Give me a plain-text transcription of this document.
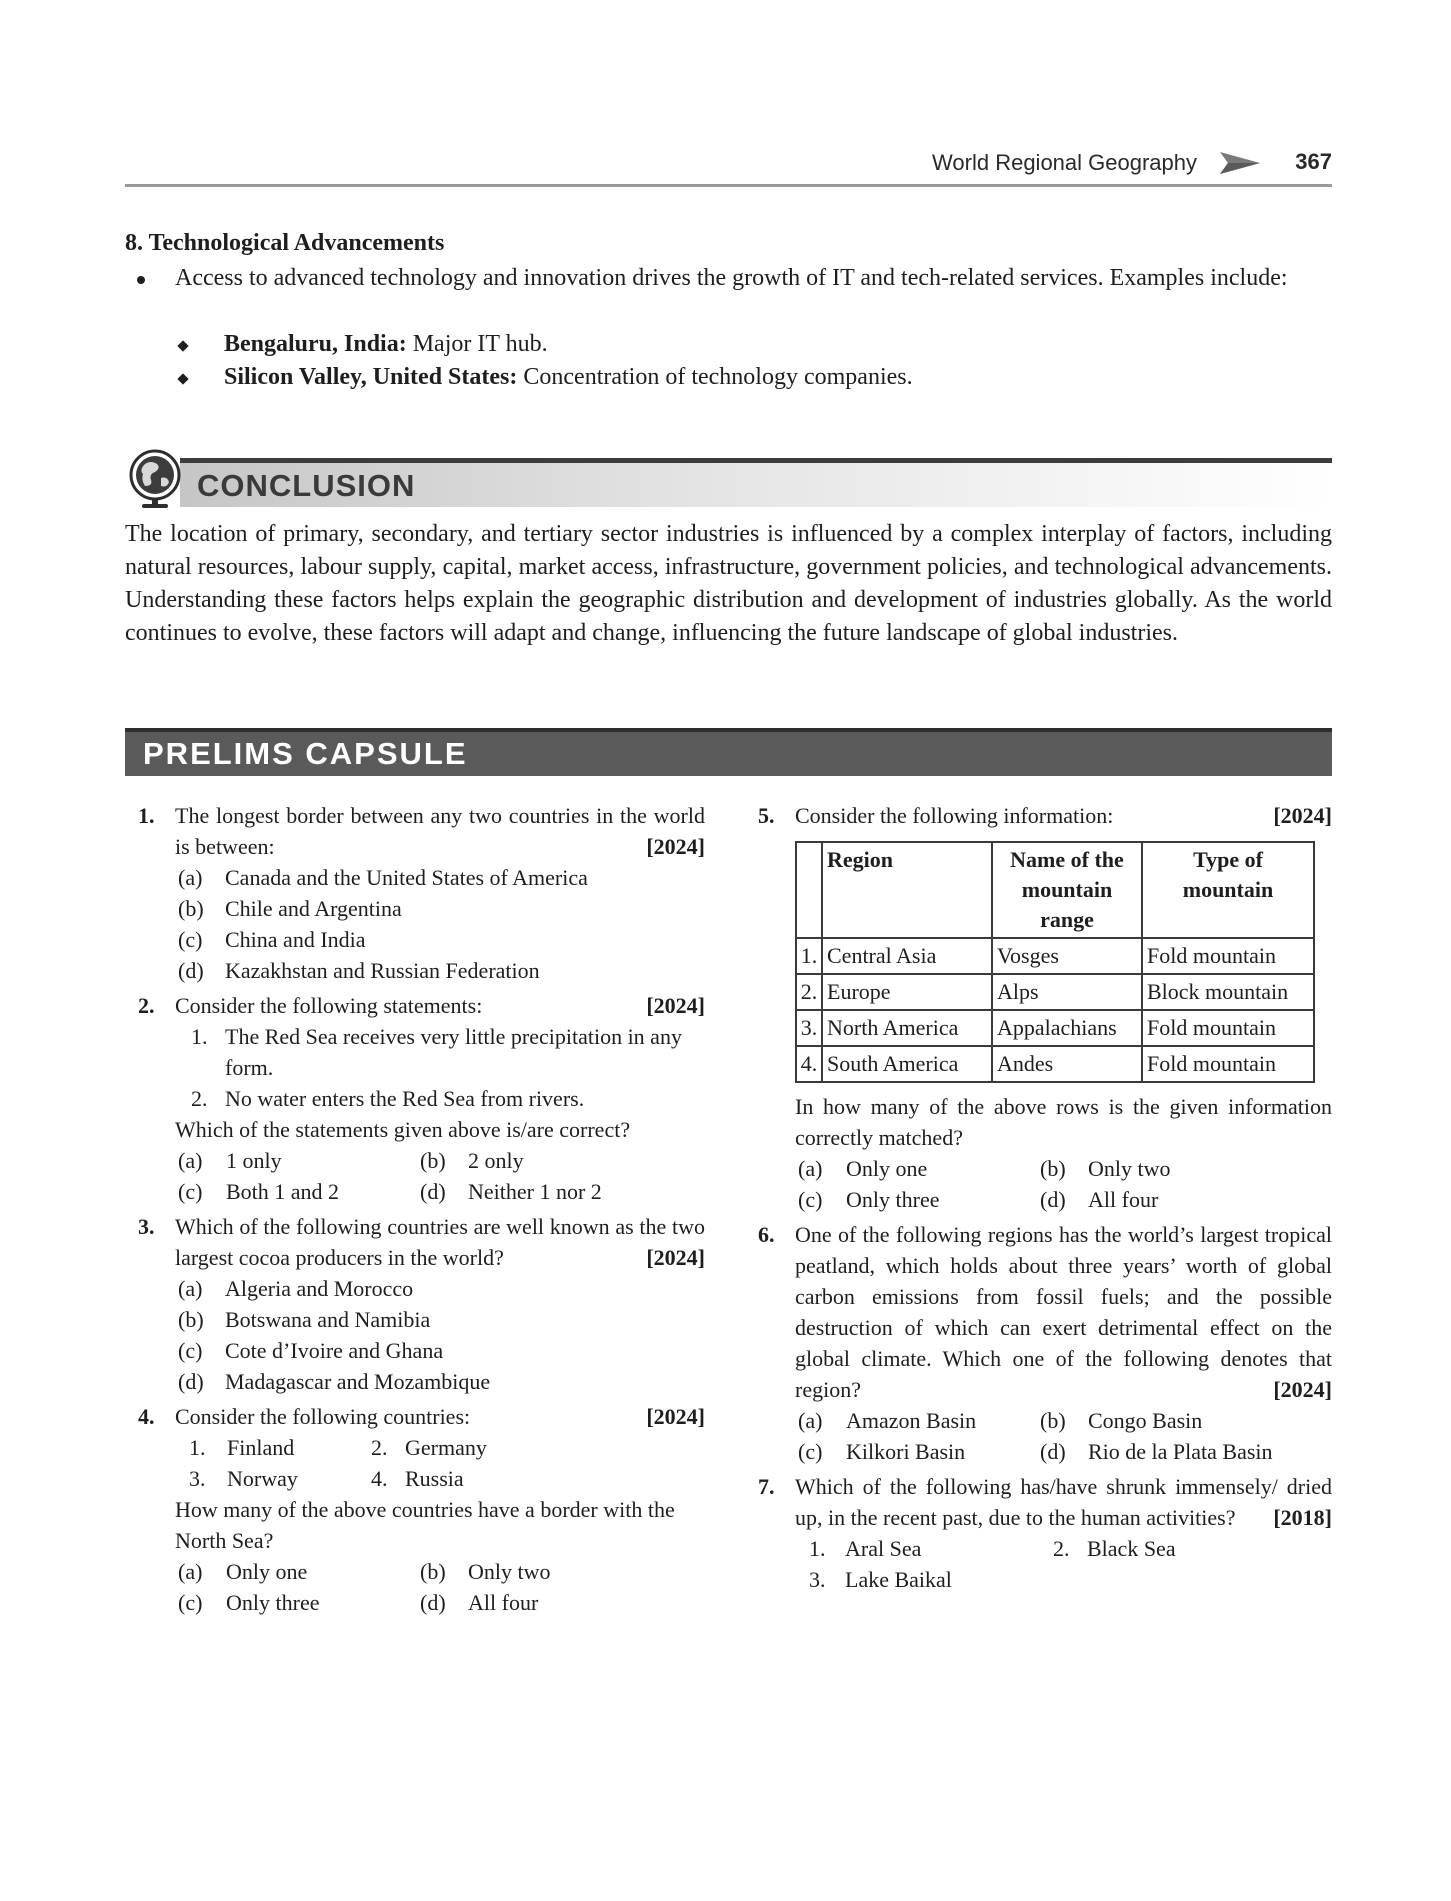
World Regional Geography	367
8. Technological Advancements
Access to advanced technology and innovation drives the growth of IT and tech-related services. Examples include:
Bengaluru, India: Major IT hub.
Silicon Valley, United States: Concentration of technology companies.
CONCLUSION
The location of primary, secondary, and tertiary sector industries is influenced by a complex interplay of factors, including natural resources, labour supply, capital, market access, infrastructure, government policies, and technological advancements. Understanding these factors helps explain the geographic distribution and development of industries globally. As the world continues to evolve, these factors will adapt and change, influencing the future landscape of global industries.
PRELIMS CAPSULE
1. The longest border between any two countries in the world is between:	[2024]
(a) Canada and the United States of America
(b) Chile and Argentina
(c) China and India
(d) Kazakhstan and Russian Federation
2. Consider the following statements:	[2024]
1. The Red Sea receives very little precipitation in any form.
2. No water enters the Red Sea from rivers.
Which of the statements given above is/are correct?
(a) 1 only	(b) 2 only
(c) Both 1 and 2	(d) Neither 1 nor 2
3. Which of the following countries are well known as the two largest cocoa producers in the world?	[2024]
(a) Algeria and Morocco
(b) Botswana and Namibia
(c) Cote d’Ivoire and Ghana
(d) Madagascar and Mozambique
4. Consider the following countries:	[2024]
1. Finland	2. Germany
3. Norway	4. Russia
How many of the above countries have a border with the North Sea?
(a) Only one	(b) Only two
(c) Only three	(d) All four
5. Consider the following information:	[2024]
	Region	Name of the mountain range	Type of mountain
1.	Central Asia	Vosges	Fold mountain
2.	Europe	Alps	Block mountain
3.	North America	Appalachians	Fold mountain
4.	South America	Andes	Fold mountain
In how many of the above rows is the given information correctly matched?
(a) Only one	(b) Only two
(c) Only three	(d) All four
6. One of the following regions has the world’s largest tropical peatland, which holds about three years’ worth of global carbon emissions from fossil fuels; and the possible destruction of which can exert detrimental effect on the global climate. Which one of the following denotes that region?	[2024]
(a) Amazon Basin	(b) Congo Basin
(c) Kilkori Basin	(d) Rio de la Plata Basin
7. Which of the following has/have shrunk immensely/ dried up, in the recent past, due to the human activities? [2018]
1. Aral Sea	2. Black Sea
3. Lake Baikal
